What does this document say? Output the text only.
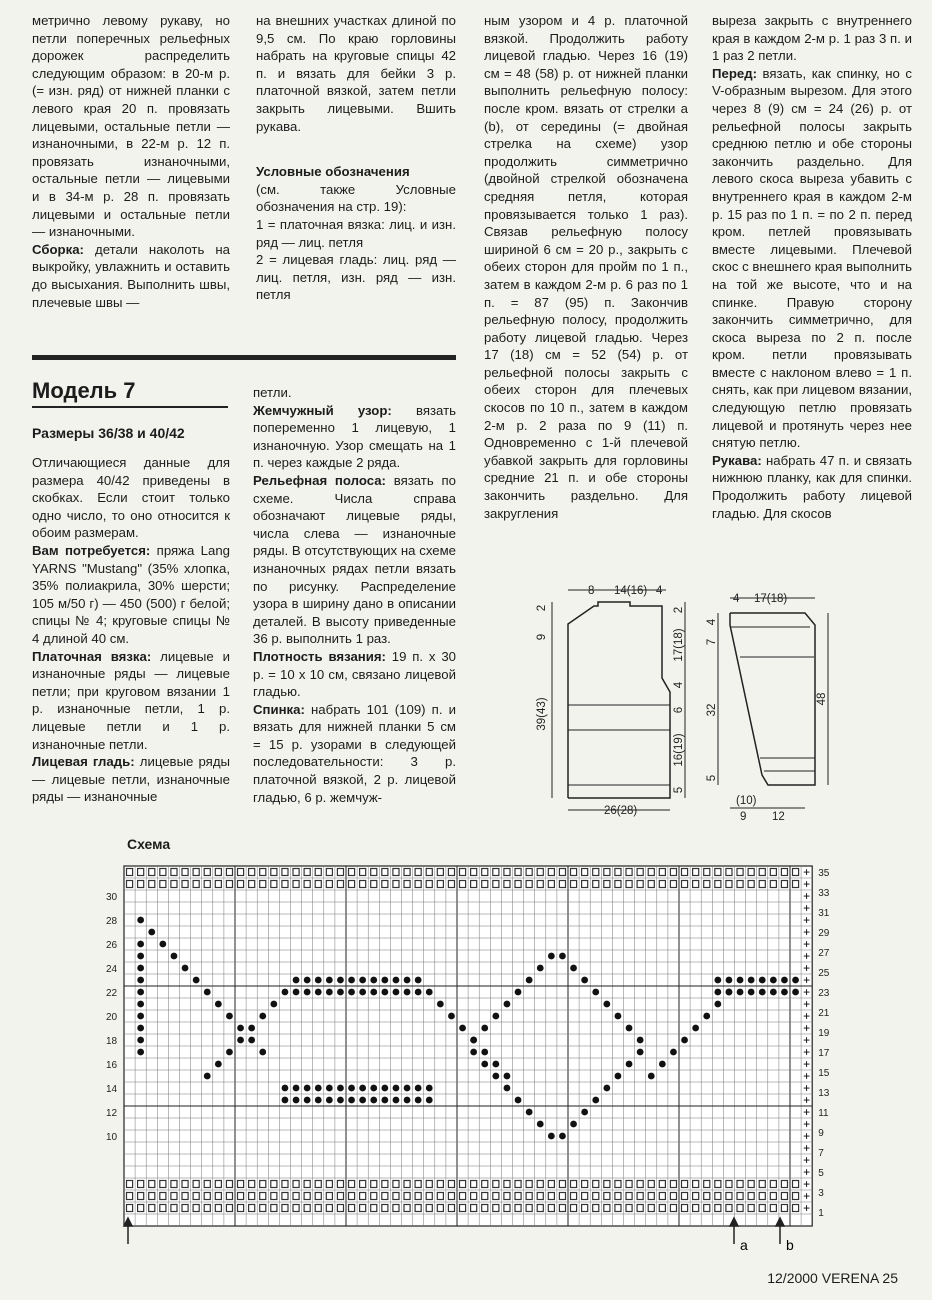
метрично левому рукаву, но петли поперечных рельефных дорожек распределить следующим образом: в 20-м р. (= изн. ряд) от нижней планки с левого края 20 п. провязать лицевыми, остальные петли — изнаночными, в 22-м р. 12 п. провязать изнаночными, остальные петли — лицевыми и в 34-м р. 28 п. провязать лицевыми и остальные петли — изнаночными.

Сборка: детали наколоть на выкройку, увлажнить и оставить до высыхания. Выполнить швы, плечевые швы —

на внешних участках длиной по 9,5 см. По краю горловины набрать на круговые спицы 42 п. и вязать для бейки 3 р. платочной вязкой, затем петли закрыть лицевыми. Вшить рукава.

Условные обозначения

(см. также Условные обозначения на стр. 19):

1 = платочная вязка: лиц. и изн. ряд — лиц. петля

2 = лицевая гладь: лиц. ряд — лиц. петля, изн. ряд — изн. петля

ным узором и 4 р. платочной вязкой. Продолжить работу лицевой гладью. Через 16 (19) см = 48 (58) р. от нижней планки выполнить рельефную полосу: после кром. вязать от стрелки a (b), от середины (= двойная стрелка на схеме) узор продолжить симметрично (двойной стрелкой обозначена средняя петля, которая провязывается только 1 раз). Связав рельефную полосу шириной 6 см = 20 р., закрыть с обеих сторон для пройм по 1 п., затем в каждом 2-м р. 6 раз по 1 п. = 87 (95) п. Закончив рельефную полосу, продолжить работу лицевой гладью. Через 17 (18) см = 52 (54) р. от рельефной полосы закрыть с обеих сторон для плечевых скосов по 10 п., затем в каждом 2-м р. 2 раза по 9 (11) п. Одновременно с 1-й плечевой убавкой закрыть для горловины средние 21 п. и обе стороны закончить раздельно. Для закругления

выреза закрыть с внутреннего края в каждом 2-м р. 1 раз 3 п. и 1 раз 2 петли.

Перед: вязать, как спинку, но с V-образным вырезом. Для этого через 8 (9) см = 24 (26) р. от рельефной полосы закрыть среднюю петлю и обе стороны закончить раздельно. Для левого скоса выреза убавить с внутреннего края в каждом 2-м р. 15 раз по 1 п. = по 2 п. перед кром. петлей провязывать вместе лицевыми. Плечевой скос с внешнего края выполнить на той же высоте, что и на спинке. Правую сторону закончить симметрично, для скоса выреза по 2 п. после кром. петли провязывать вместе с наклоном влево = 1 п. снять, как при лицевом вязании, следующую петлю провязать лицевой и протянуть через нее снятую петлю.

Рукава: набрать 47 п. и связать нижнюю планку, как для спинки. Продолжить работу лицевой гладью. Для скосов

Модель 7
Размеры 36/38 и 40/42

Отличающиеся данные для размера 40/42 приведены в скобках. Если стоит только одно число, то оно относится к обоим размерам.

Вам потребуется: пряжа Lang YARNS "Mustang" (35% хлопка, 35% полиакрила, 30% шерсти; 105 м/50 г) — 450 (500) г белой; спицы № 4; круговые спицы № 4 длиной 40 см.

Платочная вязка: лицевые и изнаночные ряды — лицевые петли; при круговом вязании 1 р. изнаночные петли, 1 р. лицевые петли и 1 р. изнаночные петли.

Лицевая гладь: лицевые ряды — лицевые петли, изнаночные ряды — изнаночные

петли.

Жемчужный узор: вязать попеременно 1 лицевую, 1 изнаночную. Узор смещать на 1 п. через каждые 2 ряда.

Рельефная полоса: вязать по схеме. Числа справа обозначают лицевые ряды, числа слева — изнаночные ряды. В отсутствующих на схеме изнаночных рядах петли вязать по рисунку. Распределение узора в ширину дано в описании деталей. В высоту приведенные 36 р. выполнить 1 раз.

Плотность вязания: 19 п. х 30 р. = 10 х 10 см, связано лицевой гладью.

Спинка: набрать 101 (109) п. и вязать для нижней планки 5 см = 15 р. узорами в следующей последовательности: 3 р. платочной вязкой, 2 р. лицевой гладью, 6 р. жемчуж-

8 14(16) 4
26(28)
39(43)
9
2	2
17(18)
4
6
16(19)
5
4 17(18)
4
7
32
5
48
(10)
9 12
Схема
+
+
+
+
+
+
+
+
+
+
+
+
+
+
+
+
+
+
+
+
+
+
+
+
+
+
+
+
+
30
28
26
24
22
20
18
16
14
12
10
35
33
31
29
27
25
23
21
19
17
15
13
11
9
7
5
3
1
a	b
12/2000 VERENA 25
